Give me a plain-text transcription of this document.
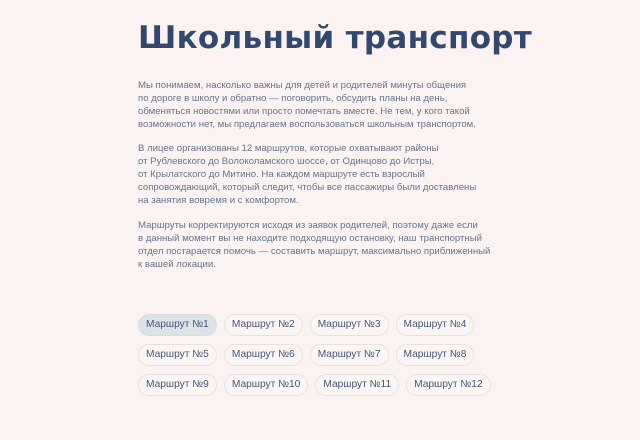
Школьный транспорт

Мы понимаем, насколько важны для детей и родителей минуты общения
по дороге в школу и обратно — поговорить, обсудить планы на день,
обменяться новостями или просто помечтать вместе. Не тем, у кого такой
возможности нет, мы предлагаем воспользоваться школьным транспортом.

В лицее организованы 12 маршрутов, которые охватывают районы
от Рублевского до Волоколамского шоссе, от Одинцово до Истры,
от Крылатского до Митино. На каждом маршруте есть взрослый
сопровождающий, который следит, чтобы все пассажиры были доставлены
на занятия вовремя и с комфортом.

Маршруты корректируются исходя из заявок родителей, поэтому даже если
в данный момент вы не находите подходящую остановку, наш транспортный
отдел постарается помочь — составить маршрут, максимально приближенный
к вашей локации.

Маршрут №1	Маршрут №2	Маршрут №3	Маршрут №4
Маршрут №5	Маршрут №6	Маршрут №7	Маршрут №8
Маршрут №9	Маршрут №10	Маршрут №11	Маршрут №12
